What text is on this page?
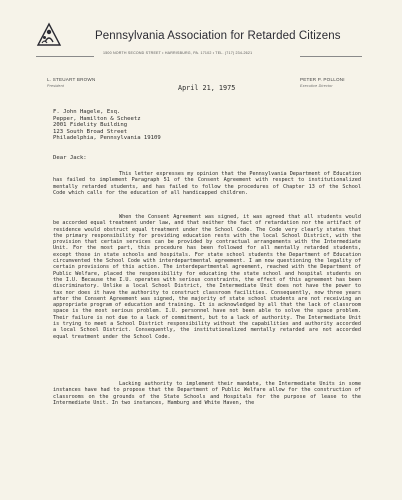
Pennsylvania Association for Retarded Citizens
1500 NORTH SECOND STREET • HARRISBURG, PA. 17102 • TEL. (717) 234-2621
L. STEUART BROWN
President
PETER P. POLLONI
Executive Director
April 21, 1975
F. John Hagele, Esq.
Pepper, Hamilton & Scheetz
2001 Fidelity Building
123 South Broad Street
Philadelphia, Pennsylvania 19109
Dear Jack:

This letter expresses my opinion that the Pennsylvania Department of Education has failed to implement Paragraph 51 of the Consent Agreement with respect to institutionalized mentally retarded students, and has failed to follow the procedures of Chapter 13 of the School Code which calls for the education of all handicapped children.

When the Consent Agreement was signed, it was agreed that all students would be accorded equal treatment under law, and that neither the fact of retardation nor the artifact of residence would obstruct equal treatment under the School Code. The Code very clearly states that the primary responsibility for providing education rests with the local School District, with the provision that certain services can be provided by contractual arrangements with the Intermediate Unit. For the most part, this procedure has been followed for all mentally retarded students, except those in state schools and hospitals. For state school students the Department of Education circumvented the School Code with interdepartmental agreement. I am now questioning the legality of certain provisions of this action. The interdepartmental agreement, reached with the Department of Public Welfare, placed the responsibility for educating the state school and hospital students on the I.U. Because the I.U. operates with serious constraints, the effect of this agreement has been discriminatory. Unlike a local School District, the Intermediate Unit does not have the power to tax nor does it have the authority to construct classroom facilities. Consequently, now three years after the Consent Agreement was signed, the majority of state school students are not receiving an appropriate program of education and training. It is acknowledged by all that the lack of classroom space is the most serious problem. I.U. personnel have not been able to solve the space problem. Their failure is not due to a lack of commitment, but to a lack of authority. The Intermediate Unit is trying to meet a School District responsibility without the capabilities and authority accorded a local School District. Consequently, the institutionalized mentally retarded are not accorded equal treatment under the School Code.

Lacking authority to implement their mandate, the Intermediate Units in some instances have had to propose that the Department of Public Welfare allow for the construction of classrooms on the grounds of the State Schools and Hospitals for the purpose of lease to the Intermediate Unit. In two instances, Hamburg and White Haven, the
